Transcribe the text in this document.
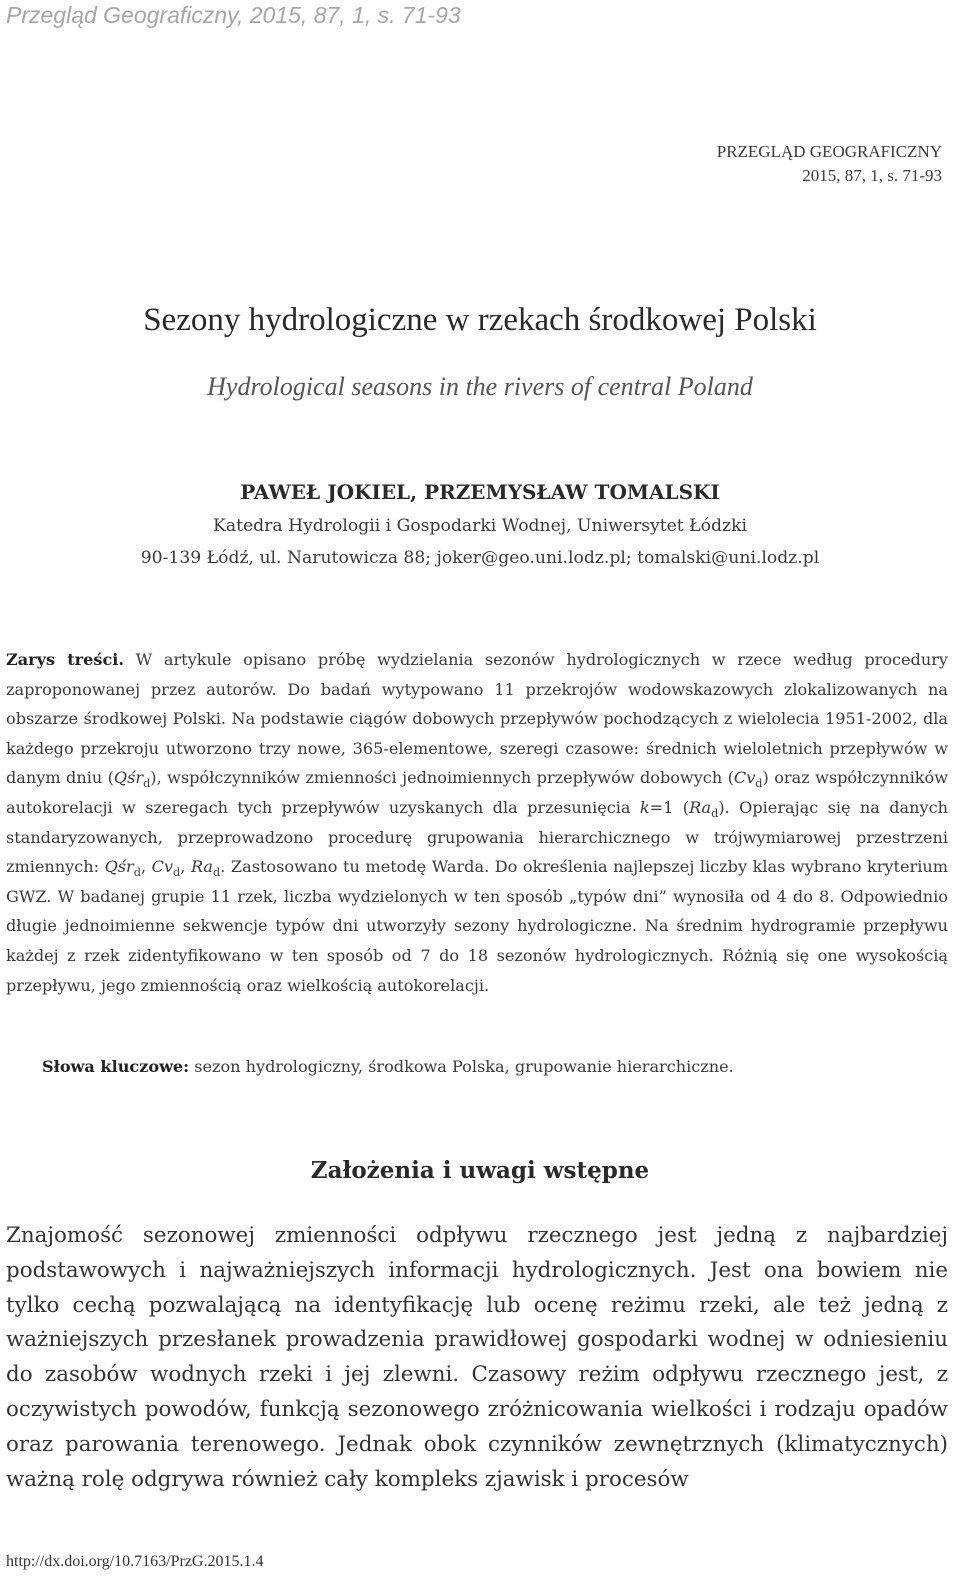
Przegląd Geograficzny, 2015, 87, 1, s. 71-93
PRZEGLĄD GEOGRAFICZNY
2015, 87, 1, s. 71-93
Sezony hydrologiczne w rzekach środkowej Polski
Hydrological seasons in the rivers of central Poland
PAWEŁ JOKIEL, PRZEMYSŁAW TOMALSKI
Katedra Hydrologii i Gospodarki Wodnej, Uniwersytet Łódzki
90-139 Łódź, ul. Narutowicza 88; joker@geo.uni.lodz.pl; tomalski@uni.lodz.pl
Zarys treści. W artykule opisano próbę wydzielania sezonów hydrologicznych w rzece według procedury zaproponowanej przez autorów. Do badań wytypowano 11 przekrojów wodowskazowych zlokalizowanych na obszarze środkowej Polski. Na podstawie ciągów dobowych przepływów pochodzących z wielolecia 1951-2002, dla każdego przekroju utworzono trzy nowe, 365-elementowe, szeregi czasowe: średnich wieloletnich przepływów w danym dniu (Qśr$_d$), współczynników zmienności jednoimiennych przepływów dobowych $(Cv_d)$ oraz współczynników autokorelacji w szeregach tych przepływów uzyskanych dla przesunięcia k=1 $(Ra_d)$. Opierając się na danych standaryzowanych, przeprowadzono procedurę grupowania hierarchicznego w trójwymiarowej przestrzeni zmiennych: Qśr$_d$, $Cv_d$, $Ra_d$. Zastosowano tu metodę Warda. Do określenia najlepszej liczby klas wybrano kryterium GWZ. W badanej grupie 11 rzek, liczba wydzielonych w ten sposób „typów dni” wynosiła od 4 do 8. Odpowiednio długie jednoimienne sekwencje typów dni utworzyły sezony hydrologiczne. Na średnim hydrogramie przepływu każdej z rzek zidentyfikowano w ten sposób od 7 do 18 sezonów hydrologicznych. Różnią się one wysokością przepływu, jego zmiennością oraz wielkością autokorelacji.
Słowa kluczowe: sezon hydrologiczny, środkowa Polska, grupowanie hierarchiczne.
Założenia i uwagi wstępne
Znajomość sezonowej zmienności odpływu rzecznego jest jedną z najbardziej podstawowych i najważniejszych informacji hydrologicznych. Jest ona bowiem nie tylko cechą pozwalającą na identyfikację lub ocenę reżimu rzeki, ale też jedną z ważniejszych przesłanek prowadzenia prawidłowej gospodarki wodnej w odniesieniu do zasobów wodnych rzeki i jej zlewni. Czasowy reżim odpływu rzecznego jest, z oczywistych powodów, funkcją sezonowego zróżnicowania wielkości i rodzaju opadów oraz parowania terenowego. Jednak obok czynników zewnętrznych (klimatycznych) ważną rolę odgrywa również cały kompleks zjawisk i procesów
http://dx.doi.org/10.7163/PrzG.2015.1.4
